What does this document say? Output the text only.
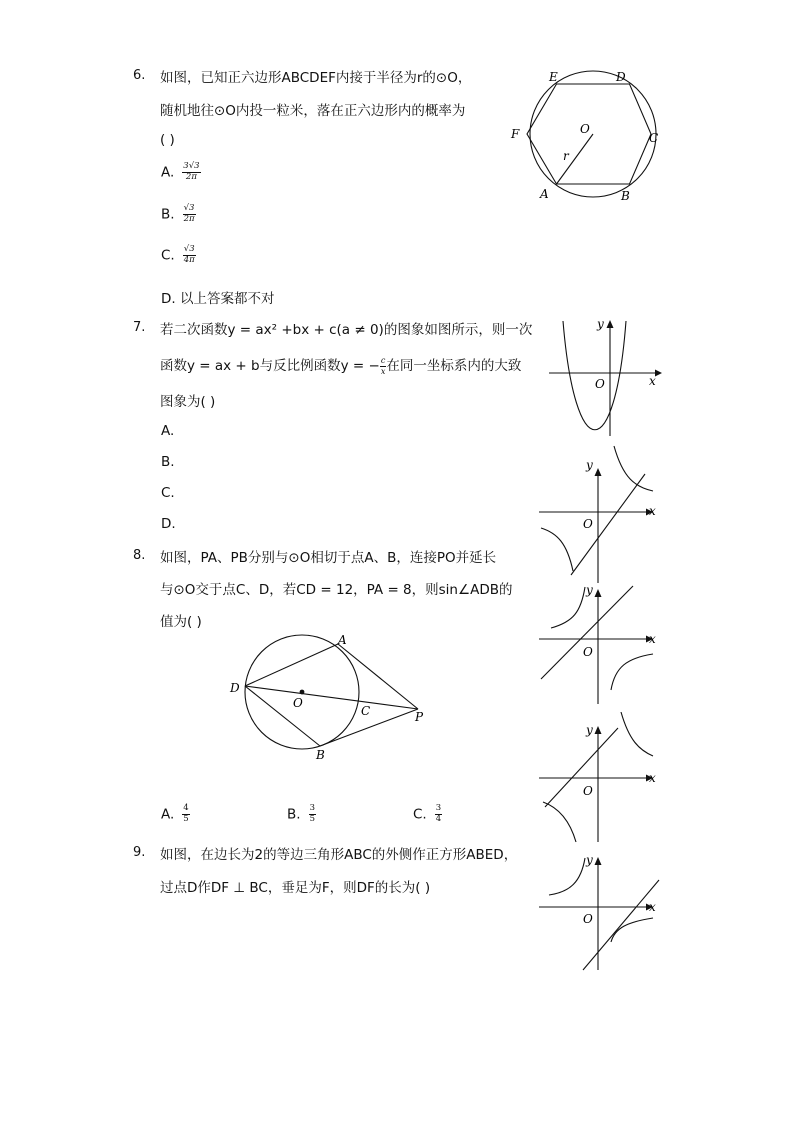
6. 如图，已知正六边形ABCDEF内接于半径为r的⊙O，
随机地往⊙O内投一粒米，落在正六边形内的概率为
( )
A. $\frac{3√3}{2\pi}$
B. $\frac{√3}{2\pi}$
C. $\frac{√3}{4\pi}$
D. 以上答案都不对
E	D
F	C
O
r
A	B
7. 若二次函数y = ax² +bx + c(a ≠ 0)的图象如图所示，则一次
函数y = ax + b与反比例函数y = − $\frac{c}{x}$ 在同一坐标系内的大致
图象为( )
A.
B.
C.
D.
y
x
O
8. 如图，PA、PB分别与⊙O相切于点A、B，连接PO并延长
与⊙O交于点C、D，若CD = 12，PA = 8，则sin∠ADB的
值为( )
A
D
O
C	P
B
A. $\frac{4}{5}$	B. $\frac{3}{5}$	C. $\frac{3}{4}$
9. 如图，在边长为2的等边三角形ABC的外侧作正方形ABED，
过点D作DF ⊥ BC，垂足为F，则DF的长为( )
y
x
O
y
x
O
y
x
O
y
x
O
